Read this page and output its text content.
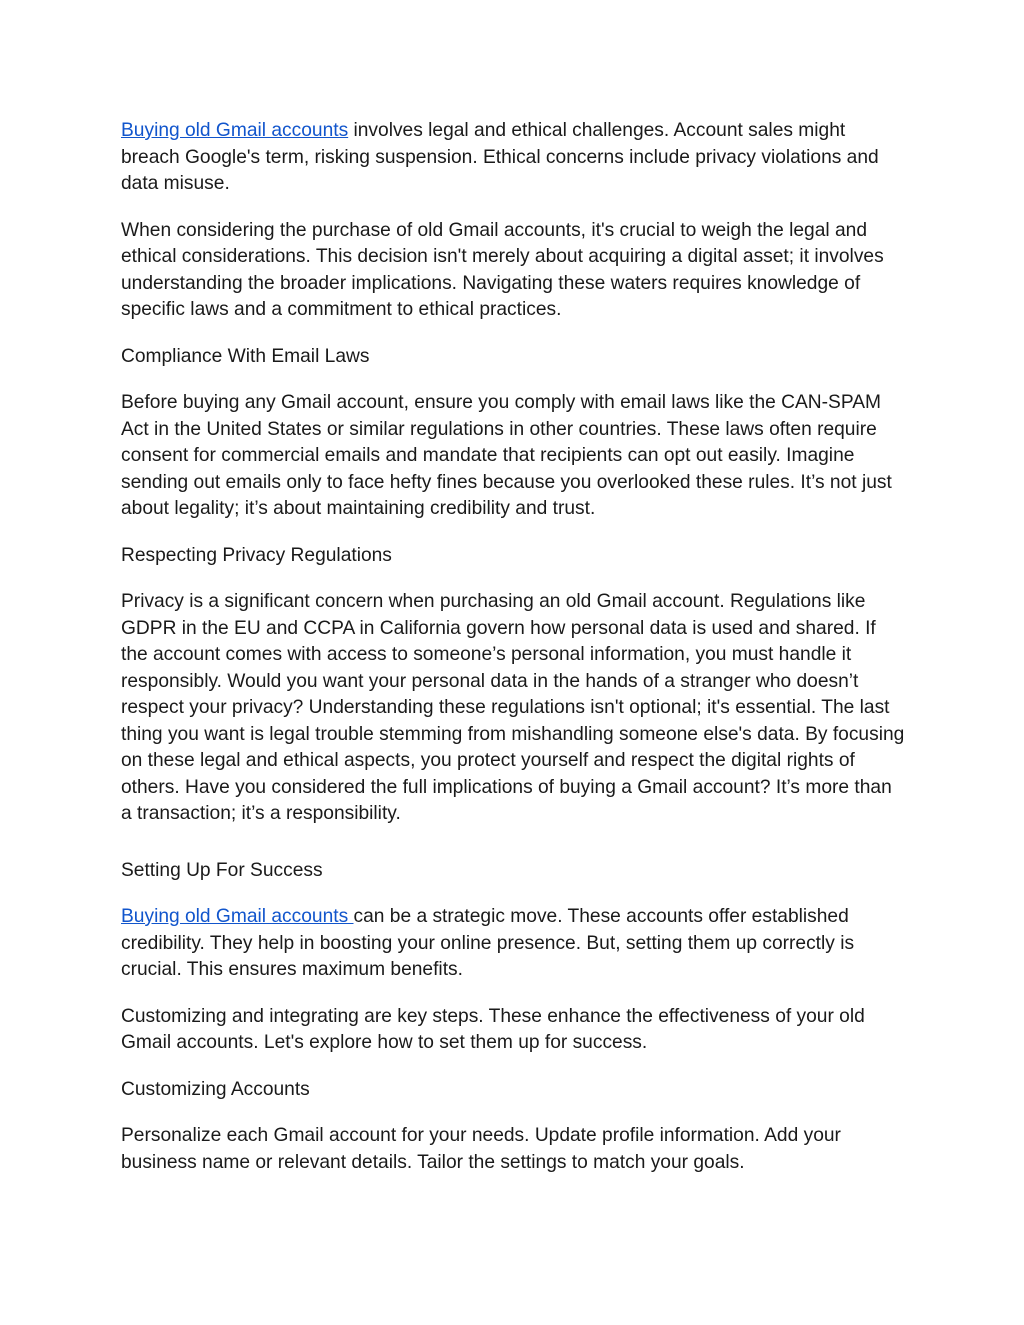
Buying old Gmail accounts involves legal and ethical challenges. Account sales might breach Google's term, risking suspension. Ethical concerns include privacy violations and data misuse.

When considering the purchase of old Gmail accounts, it's crucial to weigh the legal and ethical considerations. This decision isn't merely about acquiring a digital asset; it involves understanding the broader implications. Navigating these waters requires knowledge of specific laws and a commitment to ethical practices.

Compliance With Email Laws

Before buying any Gmail account, ensure you comply with email laws like the CAN-SPAM Act in the United States or similar regulations in other countries. These laws often require consent for commercial emails and mandate that recipients can opt out easily. Imagine sending out emails only to face hefty fines because you overlooked these rules. It’s not just about legality; it’s about maintaining credibility and trust.

Respecting Privacy Regulations

Privacy is a significant concern when purchasing an old Gmail account. Regulations like GDPR in the EU and CCPA in California govern how personal data is used and shared. If the account comes with access to someone’s personal information, you must handle it responsibly. Would you want your personal data in the hands of a stranger who doesn’t respect your privacy? Understanding these regulations isn't optional; it's essential. The last thing you want is legal trouble stemming from mishandling someone else's data. By focusing on these legal and ethical aspects, you protect yourself and respect the digital rights of others. Have you considered the full implications of buying a Gmail account? It’s more than a transaction; it’s a responsibility.

Setting Up For Success

Buying old Gmail accounts can be a strategic move. These accounts offer established credibility. They help in boosting your online presence. But, setting them up correctly is crucial. This ensures maximum benefits.

Customizing and integrating are key steps. These enhance the effectiveness of your old Gmail accounts. Let's explore how to set them up for success.

Customizing Accounts

Personalize each Gmail account for your needs. Update profile information. Add your business name or relevant details. Tailor the settings to match your goals.
